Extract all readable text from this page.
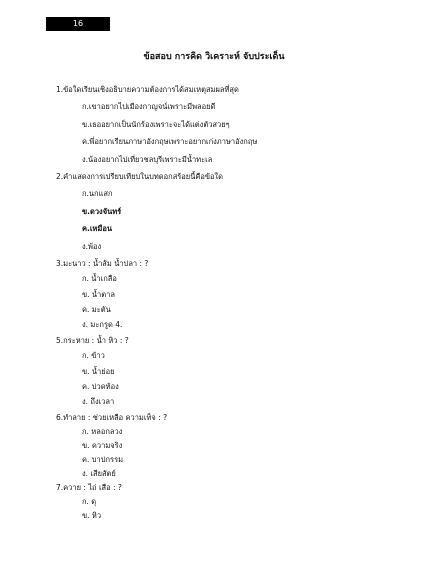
16
ข้อสอบ การคิด วิเคราะห์ จับประเด็น
1.ข้อใดเรียนเชิงอธิบายความต้องการได้สมเหตุสมผลที่สุด
ก.เขาอยากไปเมืองกาญจน์เพราะมีพลอยดี
ข.เธออยากเป็นนักร้องเพราะจะได้แต่งตัวสวยๆ
ค.พี่อยากเรียนภาษาอังกฤษเพราะอยากเก่งภาษาอังกฤษ
ง.น้องอยากไปเที่ยวชลบุรีเพราะมีน้ำทะเล
2.คำแสดงการเปรียบเทียบในบทดอกสร้อยนี้คือข้อใด
ก.นกแสก
ข.ดวงจันทร์
ค.เหมือน
ง.พ้อง
3.มะนาว : น้ำส้ม น้ำปลา : ?
ก. น้ำเกลือ
ข. น้ำตาล
ค. มะตัน
ง. มะกรูด 4.
5.กระหาย : น้ำ หิว : ?
ก. ข้าว
ข. น้ำย่อย
ค. ปวดท้อง
ง. ถึงเวลา
6.ทำลาย : ช่วยเหลือ ความเท็จ : ?
ก. หลอกลวง
ข. ความจริง
ค. บาปกรรม
ง. เสียสัตย์
7.ควาย : ไถ่ เสือ : ?
ก. ดุ
ข. หิว
